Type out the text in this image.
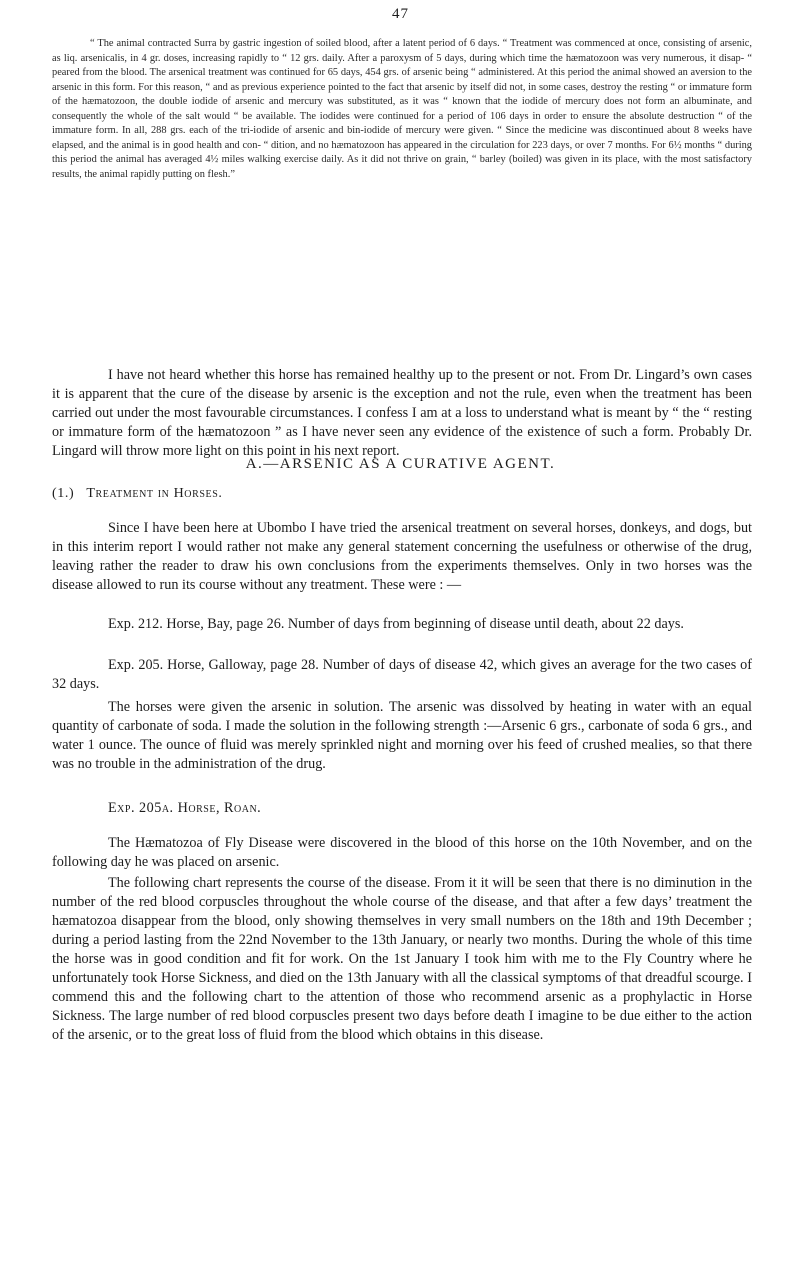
47

“ The animal contracted Surra by gastric ingestion of soiled blood, after a latent period of 6 days. “ Treatment was commenced at once, consisting of arsenic, as liq. arsenicalis, in 4 gr. doses, increasing rapidly to “ 12 grs. daily. After a paroxysm of 5 days, during which time the hæmatozoon was very numerous, it disap- “ peared from the blood. The arsenical treatment was continued for 65 days, 454 grs. of arsenic being “ administered. At this period the animal showed an aversion to the arsenic in this form. For this reason, “ and as previous experience pointed to the fact that arsenic by itself did not, in some cases, destroy the resting “ or immature form of the hæmatozoon, the double iodide of arsenic and mercury was substituted, as it was “ known that the iodide of mercury does not form an albuminate, and consequently the whole of the salt would “ be available. The iodides were continued for a period of 106 days in order to ensure the absolute destruction “ of the immature form. In all, 288 grs. each of the tri-iodide of arsenic and bin-iodide of mercury were given. “ Since the medicine was discontinued about 8 weeks have elapsed, and the animal is in good health and con- “ dition, and no hæmatozoon has appeared in the circulation for 223 days, or over 7 months. For 6½ months “ during this period the animal has averaged 4½ miles walking exercise daily. As it did not thrive on grain, “ barley (boiled) was given in its place, with the most satisfactory results, the animal rapidly putting on flesh.”

I have not heard whether this horse has remained healthy up to the present or not. From Dr. Lingard’s own cases it is apparent that the cure of the disease by arsenic is the exception and not the rule, even when the treatment has been carried out under the most favourable circumstances. I confess I am at a loss to understand what is meant by “ the “ resting or immature form of the hæmatozoon ” as I have never seen any evidence of the existence of such a form. Probably Dr. Lingard will throw more light on this point in his next report.

A.—ARSENIC AS A CURATIVE AGENT.
(1.) Treatment in Horses.

Since I have been here at Ubombo I have tried the arsenical treatment on several horses, donkeys, and dogs, but in this interim report I would rather not make any general statement concerning the usefulness or otherwise of the drug, leaving rather the reader to draw his own conclusions from the experiments themselves. Only in two horses was the disease allowed to run its course without any treatment. These were : —

Exp. 212. Horse, Bay, page 26. Number of days from beginning of disease until death, about 22 days.

Exp. 205. Horse, Galloway, page 28. Number of days of disease 42, which gives an average for the two cases of 32 days.

The horses were given the arsenic in solution. The arsenic was dissolved by heating in water with an equal quantity of carbonate of soda. I made the solution in the following strength :—Arsenic 6 grs., carbonate of soda 6 grs., and water 1 ounce. The ounce of fluid was merely sprinkled night and morning over his feed of crushed mealies, so that there was no trouble in the administration of the drug.

Exp. 205a. Horse, Roan.

The Hæmatozoa of Fly Disease were discovered in the blood of this horse on the 10th November, and on the following day he was placed on arsenic.

The following chart represents the course of the disease. From it it will be seen that there is no diminution in the number of the red blood corpuscles throughout the whole course of the disease, and that after a few days’ treatment the hæmatozoa disappear from the blood, only showing themselves in very small numbers on the 18th and 19th December ; during a period lasting from the 22nd November to the 13th January, or nearly two months. During the whole of this time the horse was in good condition and fit for work. On the 1st January I took him with me to the Fly Country where he unfortunately took Horse Sickness, and died on the 13th January with all the classical symptoms of that dreadful scourge. I commend this and the following chart to the attention of those who recommend arsenic as a prophylactic in Horse Sickness. The large number of red blood corpuscles present two days before death I imagine to be due either to the action of the arsenic, or to the great loss of fluid from the blood which obtains in this disease.
